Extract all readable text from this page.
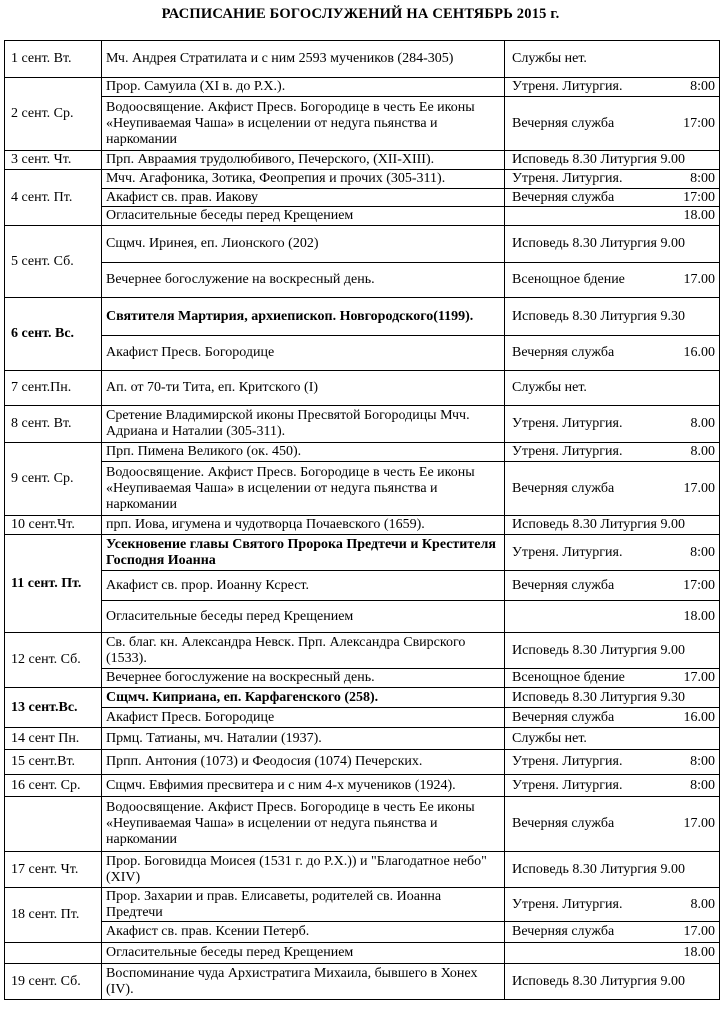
РАСПИСАНИЕ БОГОСЛУЖЕНИЙ НА СЕНТЯБРЬ 2015 г.
1 сент. Вт.	Мч. Андрея Стратилата и с ним 2593 мучеников (284-305)	Службы нет.

2 сент. Ср.	Прор. Самуила (XI в. до Р.Х.).	Утреня. Литургия. 8:00

	Водоосвящение. Акфист Пресв. Богородице в честь Ее иконы «Неупиваемая Чаша» в исцелении от недуга пьянства и наркомании	Вечерняя служба 17:00

3 сент. Чт.	Прп. Авраамия трудолюбивого, Печерского, (XII-XIII).	Исповедь 8.30 Литургия 9.00

4 сент. Пт.	Мчч. Агафоника, Зотика, Феопрепия и прочих (305-311).	Утреня. Литургия. 8:00

	Акафист св. прав. Иакову	Вечерняя служба 17:00

	Огласительные беседы перед Крещением	18.00

5 сент. Сб.	Сщмч. Иринея, еп. Лионского (202)	Исповедь 8.30 Литургия 9.00

	Вечернее богослужение на воскресный день.	Всенощное бдение 17.00

6 сент. Вс.	Святителя Мартирия, архиепископ. Новгородского(1199).	Исповедь 8.30 Литургия 9.30

	Акафист Пресв. Богородице	Вечерняя служба 16.00

7 сент.Пн.	Ап. от 70-ти Тита, еп. Критского (I)	Службы нет.

8 сент. Вт.	Сретение Владимирской иконы Пресвятой Богородицы Мчч. Адриана и Наталии (305-311).	Утреня. Литургия. 8.00

9 сент. Ср.	Прп. Пимена Великого (ок. 450).	Утреня. Литургия. 8.00

	Водоосвящение. Акфист Пресв. Богородице в честь Ее иконы «Неупиваемая Чаша» в исцелении от недуга пьянства и наркомании	Вечерняя служба 17.00

10 сент.Чт.	прп. Иова, игумена и чудотворца Почаевского (1659).	Исповедь 8.30 Литургия 9.00

11 сент. Пт.	Усекновение главы Святого Пророка Предтечи и Крестителя Господня Иоанна	Утреня. Литургия. 8:00

	Акафист св. прор. Иоанну Ксрест.	Вечерняя служба 17:00

	Огласительные беседы перед Крещением	18.00

12 сент. Сб.	Св. благ. кн. Александра Невск. Прп. Александра Свирского (1533).	Исповедь 8.30 Литургия 9.00

	Вечернее богослужение на воскресный день.	Всенощное бдение 17.00

13 сент.Вс.	Сщмч. Киприана, еп. Карфагенского (258).	Исповедь 8.30 Литургия 9.30

	Акафист Пресв. Богородице	Вечерняя служба 16.00

14 сент Пн.	Прмц. Татианы, мч. Наталии (1937).	Службы нет.

15 сент.Вт.	Прпп. Антония (1073) и Феодосия (1074) Печерских.	Утреня. Литургия. 8:00

16 сент. Ср.	Сщмч. Евфимия пресвитера и с ним 4-х мучеников (1924).	Утреня. Литургия. 8:00

	Водоосвящение. Акфист Пресв. Богородице в честь Ее иконы «Неупиваемая Чаша» в исцелении от недуга пьянства и наркомании	Вечерняя служба 17.00

17 сент. Чт.	Прор. Боговидца Моисея (1531 г. до Р.Х.)) и "Благодатное небо" (XIV)	Исповедь 8.30 Литургия 9.00

18 сент. Пт.	Прор. Захарии и прав. Елисаветы, родителей св. Иоанна Предтечи	Утреня. Литургия. 8.00

	Акафист св. прав. Ксении Петерб.	Вечерняя служба 17.00

	Огласительные беседы перед Крещением	18.00

19 сент. Сб.	Воспоминание чуда Архистратига Михаила, бывшего в Хонех (IV).	Исповедь 8.30 Литургия 9.00
